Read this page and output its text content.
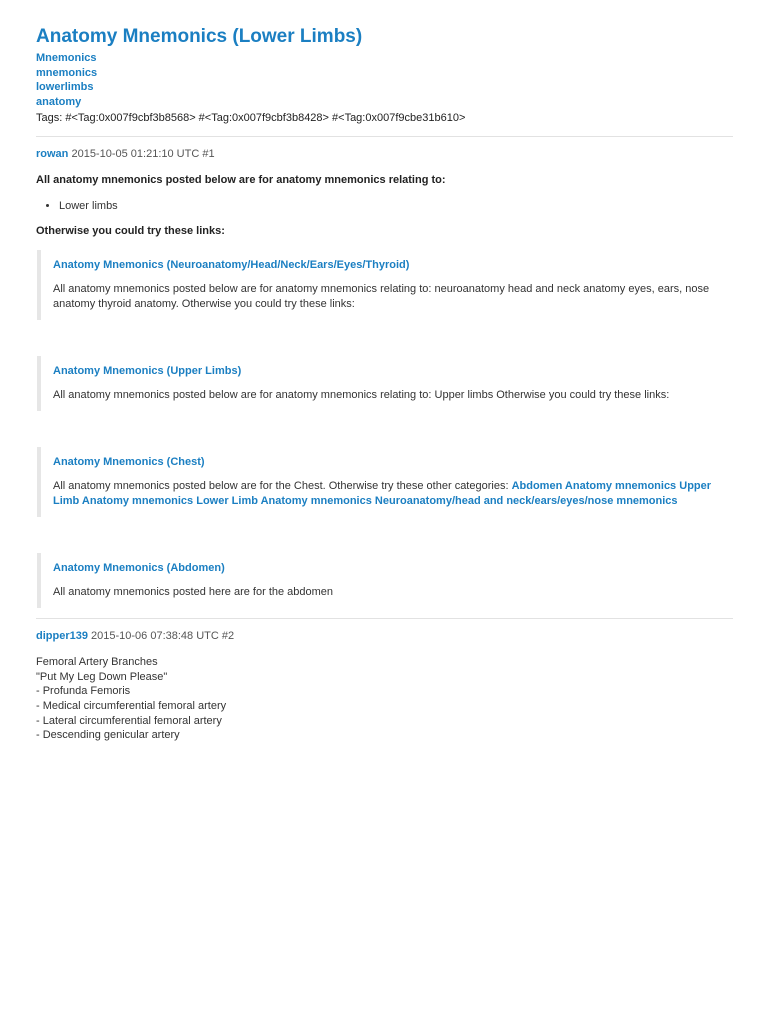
Anatomy Mnemonics (Lower Limbs)
Mnemonics
mnemonics
lowerlimbs
anatomy
Tags: #<Tag:0x007f9cbf3b8568> #<Tag:0x007f9cbf3b8428> #<Tag:0x007f9cbe31b610>
rowan 2015-10-05 01:21:10 UTC #1
All anatomy mnemonics posted below are for anatomy mnemonics relating to:
• Lower limbs
Otherwise you could try these links:
Anatomy Mnemonics (Neuroanatomy/Head/Neck/Ears/Eyes/Thyroid)
All anatomy mnemonics posted below are for anatomy mnemonics relating to: neuroanatomy head and neck anatomy eyes, ears, nose anatomy thyroid anatomy. Otherwise you could try these links:
Anatomy Mnemonics (Upper Limbs)
All anatomy mnemonics posted below are for anatomy mnemonics relating to: Upper limbs Otherwise you could try these links:
Anatomy Mnemonics (Chest)
All anatomy mnemonics posted below are for the Chest. Otherwise try these other categories: Abdomen Anatomy mnemonics Upper Limb Anatomy mnemonics Lower Limb Anatomy mnemonics Neuroanatomy/head and neck/ears/eyes/nose mnemonics
Anatomy Mnemonics (Abdomen)
All anatomy mnemonics posted here are for the abdomen
dipper139 2015-10-06 07:38:48 UTC #2
Femoral Artery Branches
"Put My Leg Down Please"
- Profunda Femoris
- Medical circumferential femoral artery
- Lateral circumferential femoral artery
- Descending genicular artery
